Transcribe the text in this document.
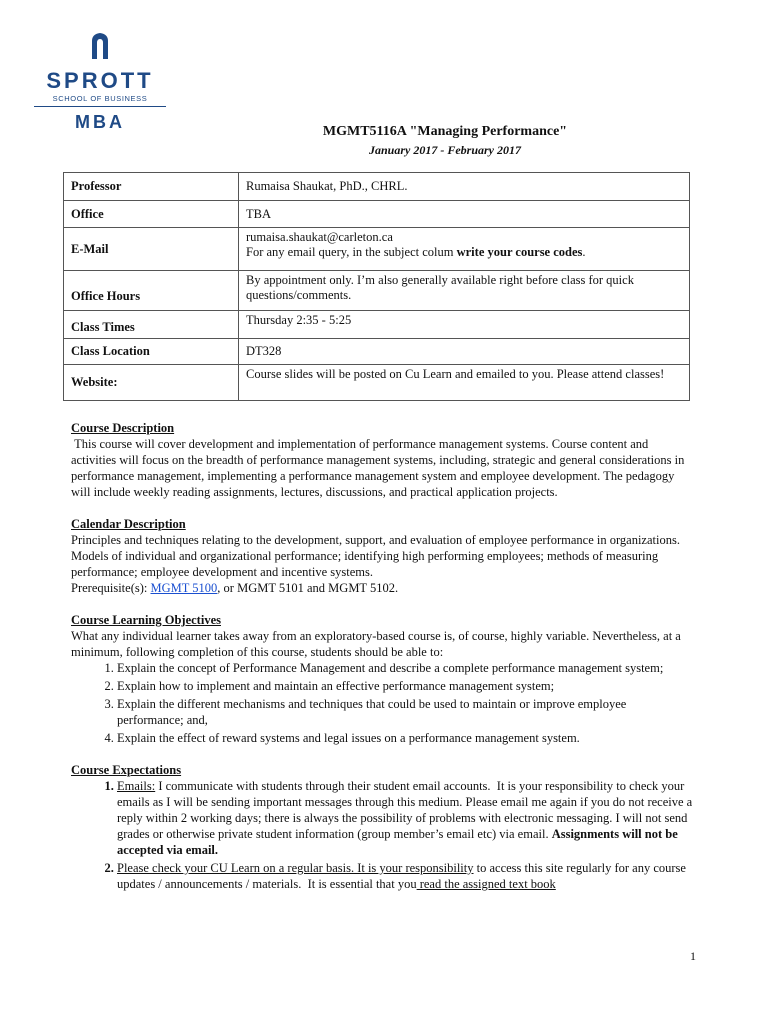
SPROTT
SCHOOL OF BUSINESS
MBA	MGMT5116A "Managing Performance"
January 2017 - February 2017
Professor	Rumaisa Shaukat, PhD., CHRL.
Office	TBA
E-Mail	rumaisa.shaukat@carleton.ca
For any email query, in the subject colum write your course codes.

Office Hours	By appointment only. I’m also generally available right before class for quick questions/comments.
Class Times	Thursday 2:35 - 5:25
Class Location	DT328
Website:	Course slides will be posted on Cu Learn and emailed to you. Please attend classes!

Course Description

This course will cover development and implementation of performance management systems. Course content and activities will focus on the breadth of performance management systems, including, strategic and general considerations in performance management, implementing a performance management system and employee development. The pedagogy will include weekly reading assignments, lectures, discussions, and practical application projects.

Calendar Description

Principles and techniques relating to the development, support, and evaluation of employee performance in organizations. Models of individual and organizational performance; identifying high performing employees; methods of measuring performance; employee development and incentive systems.

Prerequisite(s): MGMT 5100, or MGMT 5101 and MGMT 5102.

Course Learning Objectives

What any individual learner takes away from an exploratory-based course is, of course, highly variable. Nevertheless, at a minimum, following completion of this course, students should be able to:

1. Explain the concept of Performance Management and describe a complete performance management system;
2. Explain how to implement and maintain an effective performance management system;
3. Explain the different mechanisms and techniques that could be used to maintain or improve employee performance; and,
4. Explain the effect of reward systems and legal issues on a performance management system.

Course Expectations

1. Emails: I communicate with students through their student email accounts.  It is your responsibility to check your emails as I will be sending important messages through this medium. Please email me again if you do not receive a reply within 2 working days; there is always the possibility of problems with electronic messaging. I will not send grades or otherwise private student information (group member’s email etc) via email. Assignments will not be accepted via email.
2. Please check your CU Learn on a regular basis. It is your responsibility to access this site regularly for any course updates / announcements / materials.  It is essential that you read the assigned text book
1
